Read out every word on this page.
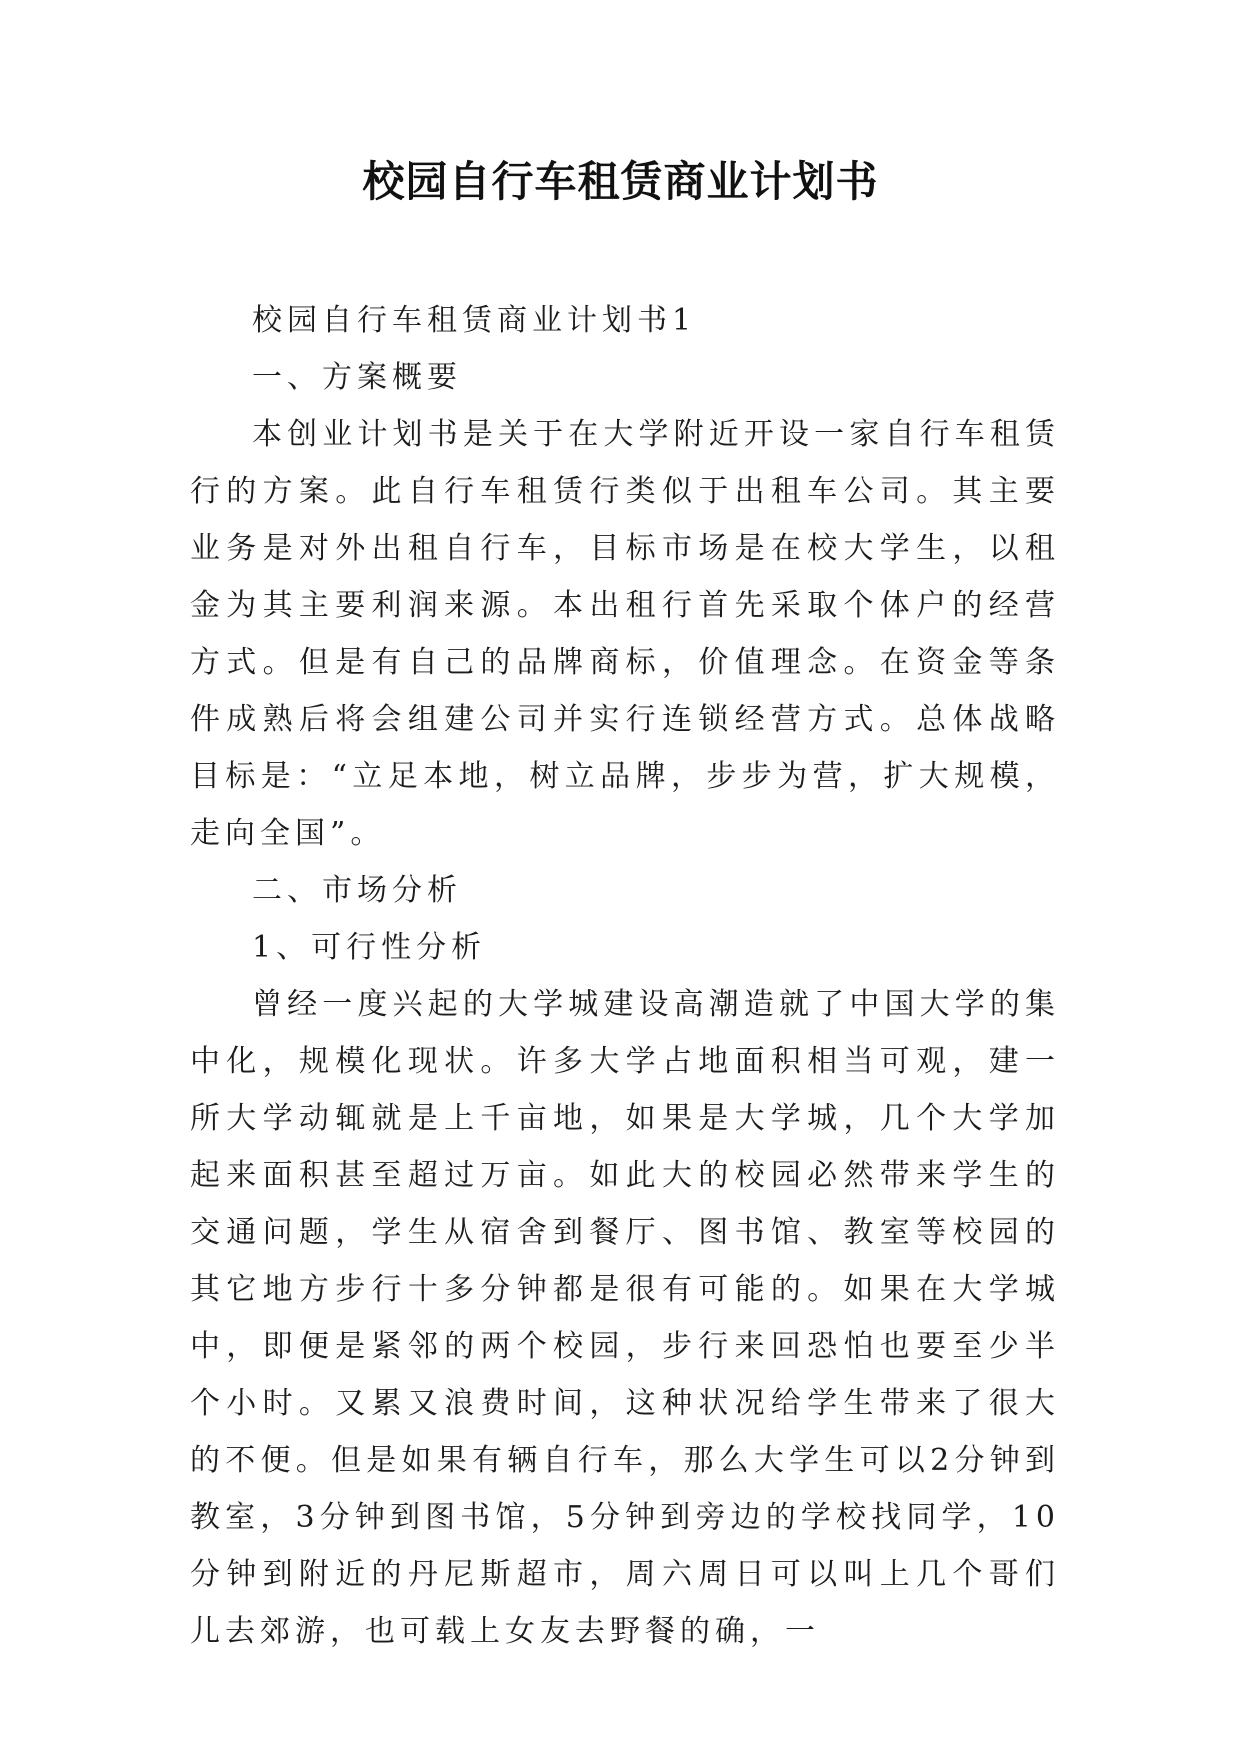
校园自行车租赁商业计划书

校园自行车租赁商业计划书1

一、方案概要

本创业计划书是关于在大学附近开设一家自行车租赁行的方案。此自行车租赁行类似于出租车公司。其主要业务是对外出租自行车，目标市场是在校大学生，以租金为其主要利润来源。本出租行首先采取个体户的经营方式。但是有自己的品牌商标，价值理念。在资金等条件成熟后将会组建公司并实行连锁经营方式。总体战略目标是：“立足本地，树立品牌，步步为营，扩大规模，走向全国”。

二、市场分析

1、可行性分析

曾经一度兴起的大学城建设高潮造就了中国大学的集中化，规模化现状。许多大学占地面积相当可观，建一所大学动辄就是上千亩地，如果是大学城，几个大学加起来面积甚至超过万亩。如此大的校园必然带来学生的交通问题，学生从宿舍到餐厅、图书馆、教室等校园的其它地方步行十多分钟都是很有可能的。如果在大学城中，即便是紧邻的两个校园，步行来回恐怕也要至少半个小时。又累又浪费时间，这种状况给学生带来了很大的不便。但是如果有辆自行车，那么大学生可以2分钟到教室，3分钟到图书馆，5分钟到旁边的学校找同学，10分钟到附近的丹尼斯超市，周六周日可以叫上几个哥们儿去郊游，也可载上女友去野餐的确，一
